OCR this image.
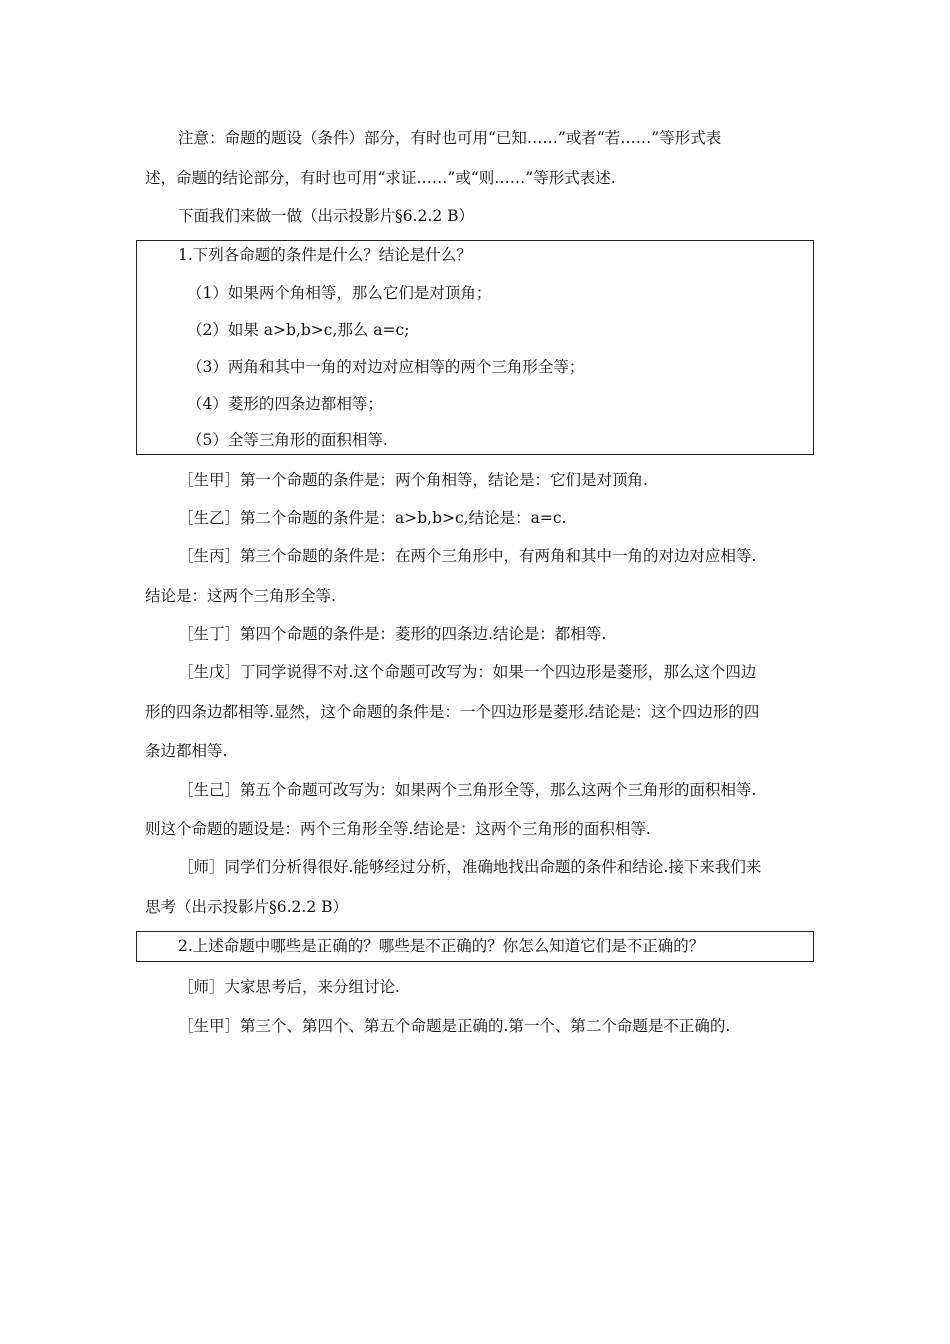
注意：命题的题设（条件）部分，有时也可用“已知……”或者“若……”等形式表
述，命题的结论部分，有时也可用“求证……”或“则……”等形式表述.
下面我们来做一做（出示投影片§6.2.2 B）
1.下列各命题的条件是什么？结论是什么？
（1）如果两个角相等，那么它们是对顶角；
（2）如果 a>b,b>c,那么 a=c;
（3）两角和其中一角的对边对应相等的两个三角形全等；
（4）菱形的四条边都相等；
（5）全等三角形的面积相等.
［生甲］第一个命题的条件是：两个角相等，结论是：它们是对顶角.
［生乙］第二个命题的条件是：a>b,b>c,结论是：a=c.
［生丙］第三个命题的条件是：在两个三角形中，有两角和其中一角的对边对应相等.
结论是：这两个三角形全等.
［生丁］第四个命题的条件是：菱形的四条边.结论是：都相等.
［生戊］丁同学说得不对.这个命题可改写为：如果一个四边形是菱形，那么这个四边
形的四条边都相等.显然，这个命题的条件是：一个四边形是菱形.结论是：这个四边形的四
条边都相等.
［生己］第五个命题可改写为：如果两个三角形全等，那么这两个三角形的面积相等.
则这个命题的题设是：两个三角形全等.结论是：这两个三角形的面积相等.
［师］同学们分析得很好.能够经过分析，准确地找出命题的条件和结论.接下来我们来
思考（出示投影片§6.2.2 B）
2.上述命题中哪些是正确的？哪些是不正确的？你怎么知道它们是不正确的？
［师］大家思考后，来分组讨论.
［生甲］第三个、第四个、第五个命题是正确的.第一个、第二个命题是不正确的.
